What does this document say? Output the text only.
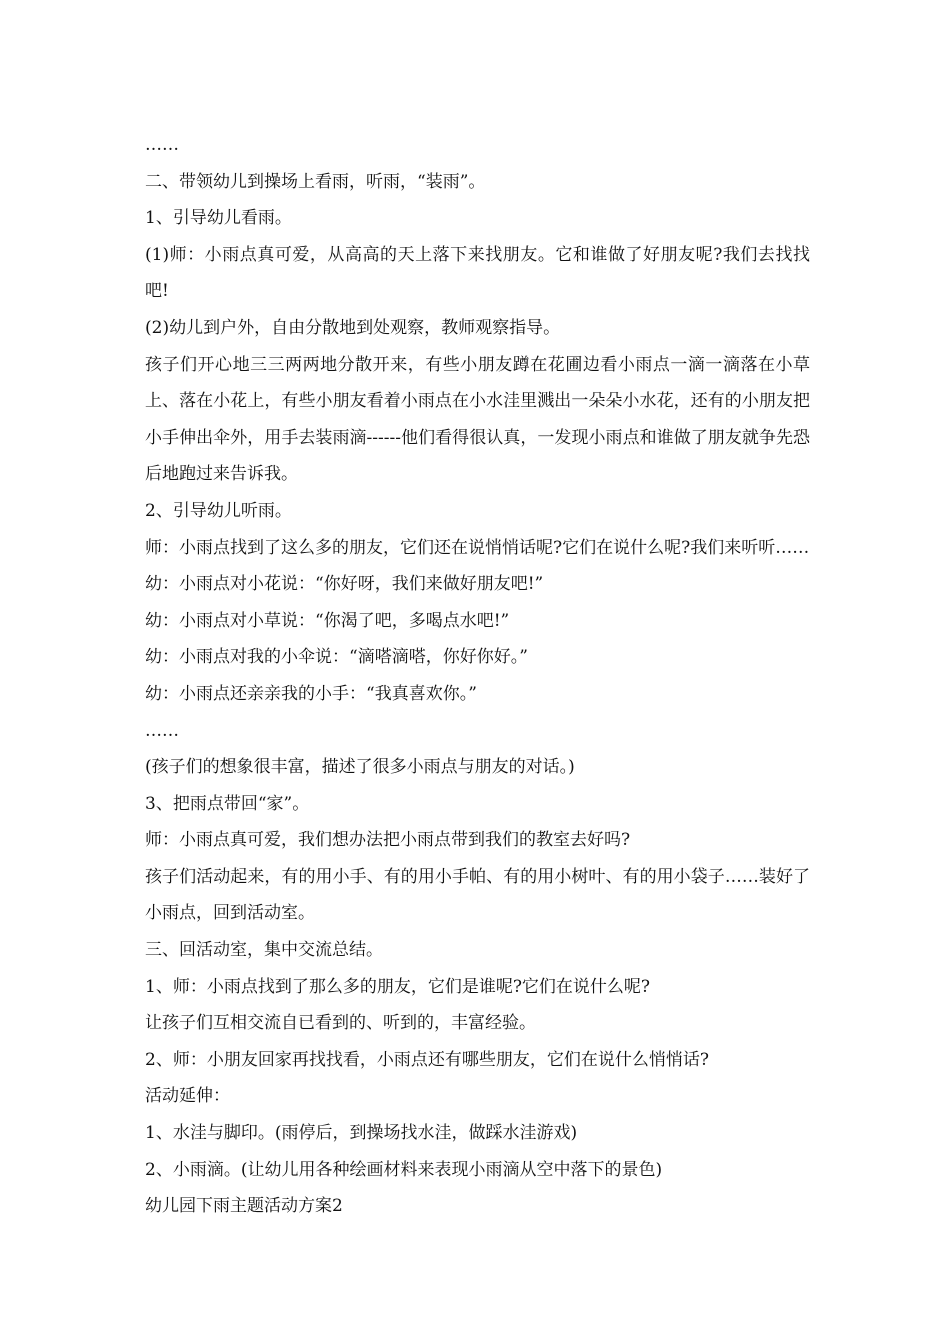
……
二、带领幼儿到操场上看雨，听雨，“装雨”。
1、引导幼儿看雨。
(1)师：小雨点真可爱，从高高的天上落下来找朋友。它和谁做了好朋友呢?我们去找找吧!
(2)幼儿到户外，自由分散地到处观察，教师观察指导。
孩子们开心地三三两两地分散开来，有些小朋友蹲在花圃边看小雨点一滴一滴落在小草上、落在小花上，有些小朋友看着小雨点在小水洼里溅出一朵朵小水花，还有的小朋友把小手伸出伞外，用手去装雨滴------他们看得很认真，一发现小雨点和谁做了朋友就争先恐后地跑过来告诉我。
2、引导幼儿听雨。
师：小雨点找到了这么多的朋友，它们还在说悄悄话呢?它们在说什么呢?我们来听听……
幼：小雨点对小花说：“你好呀，我们来做好朋友吧!”
幼：小雨点对小草说：“你渴了吧，多喝点水吧!”
幼：小雨点对我的小伞说：“滴嗒滴嗒，你好你好。”
幼：小雨点还亲亲我的小手：“我真喜欢你。”
……
(孩子们的想象很丰富，描述了很多小雨点与朋友的对话。)
3、把雨点带回“家”。
师：小雨点真可爱，我们想办法把小雨点带到我们的教室去好吗?
孩子们活动起来，有的用小手、有的用小手帕、有的用小树叶、有的用小袋子……装好了小雨点，回到活动室。
三、回活动室，集中交流总结。
1、师：小雨点找到了那么多的朋友，它们是谁呢?它们在说什么呢?
让孩子们互相交流自已看到的、听到的，丰富经验。
2、师：小朋友回家再找找看，小雨点还有哪些朋友，它们在说什么悄悄话?
活动延伸：
1、水洼与脚印。(雨停后，到操场找水洼，做踩水洼游戏)
2、小雨滴。(让幼儿用各种绘画材料来表现小雨滴从空中落下的景色)
幼儿园下雨主题活动方案2
